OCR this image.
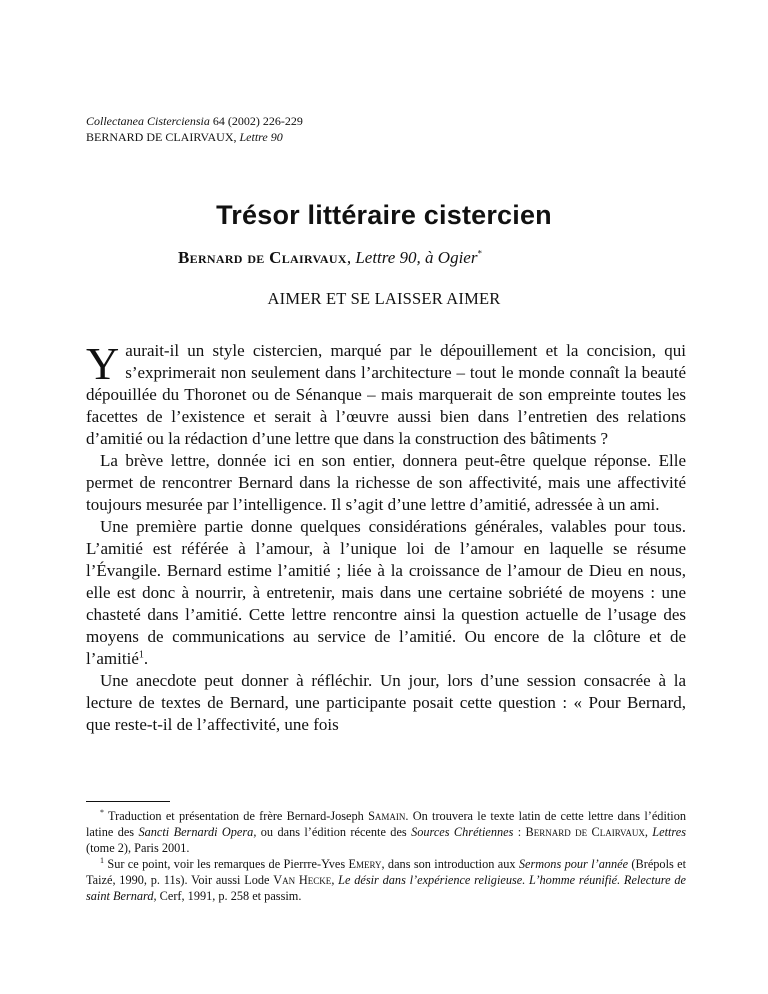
Collectanea Cisterciensia 64 (2002) 226-229
BERNARD DE CLAIRVAUX, Lettre 90
Trésor littéraire cistercien
Bernard de Clairvaux, Lettre 90, à Ogier*
AIMER ET SE LAISSER AIMER

Y aurait-il un style cistercien, marqué par le dépouillement et la concision, qui s’exprimerait non seulement dans l’architecture – tout le monde connaît la beauté dépouillée du Thoronet ou de Sénanque – mais marquerait de son empreinte toutes les facettes de l’existence et serait à l’œuvre aussi bien dans l’entretien des relations d’amitié ou la rédaction d’une lettre que dans la construction des bâtiments ?

La brève lettre, donnée ici en son entier, donnera peut-être quelque réponse. Elle permet de rencontrer Bernard dans la richesse de son affectivité, mais une affectivité toujours mesurée par l’intelligence. Il s’agit d’une lettre d’amitié, adressée à un ami.

Une première partie donne quelques considérations générales, valables pour tous. L’amitié est référée à l’amour, à l’unique loi de l’amour en laquelle se résume l’Évangile. Bernard estime l’amitié ; liée à la croissance de l’amour de Dieu en nous, elle est donc à nourrir, à entretenir, mais dans une certaine sobriété de moyens : une chasteté dans l’amitié. Cette lettre rencontre ainsi la question actuelle de l’usage des moyens de communications au service de l’amitié. Ou encore de la clôture et de l’amitié$^1$.

Une anecdote peut donner à réfléchir. Un jour, lors d’une session consacrée à la lecture de textes de Bernard, une participante posait cette question : « Pour Bernard, que reste-t-il de l’affectivité, une fois

* Traduction et présentation de frère Bernard-Joseph Samain. On trouvera le texte latin de cette lettre dans l’édition latine des Sancti Bernardi Opera, ou dans l’édition récente des Sources Chrétiennes : Bernard de Clairvaux, Lettres (tome 2), Paris 2001.

$^1$ Sur ce point, voir les remarques de Pierrre-Yves Emery, dans son introduction aux Sermons pour l’année (Brépols et Taizé, 1990, p. 11s). Voir aussi Lode Van Hecke, Le désir dans l’expérience religieuse. L’homme réunifié. Relecture de saint Bernard, Cerf, 1991, p. 258 et passim.
